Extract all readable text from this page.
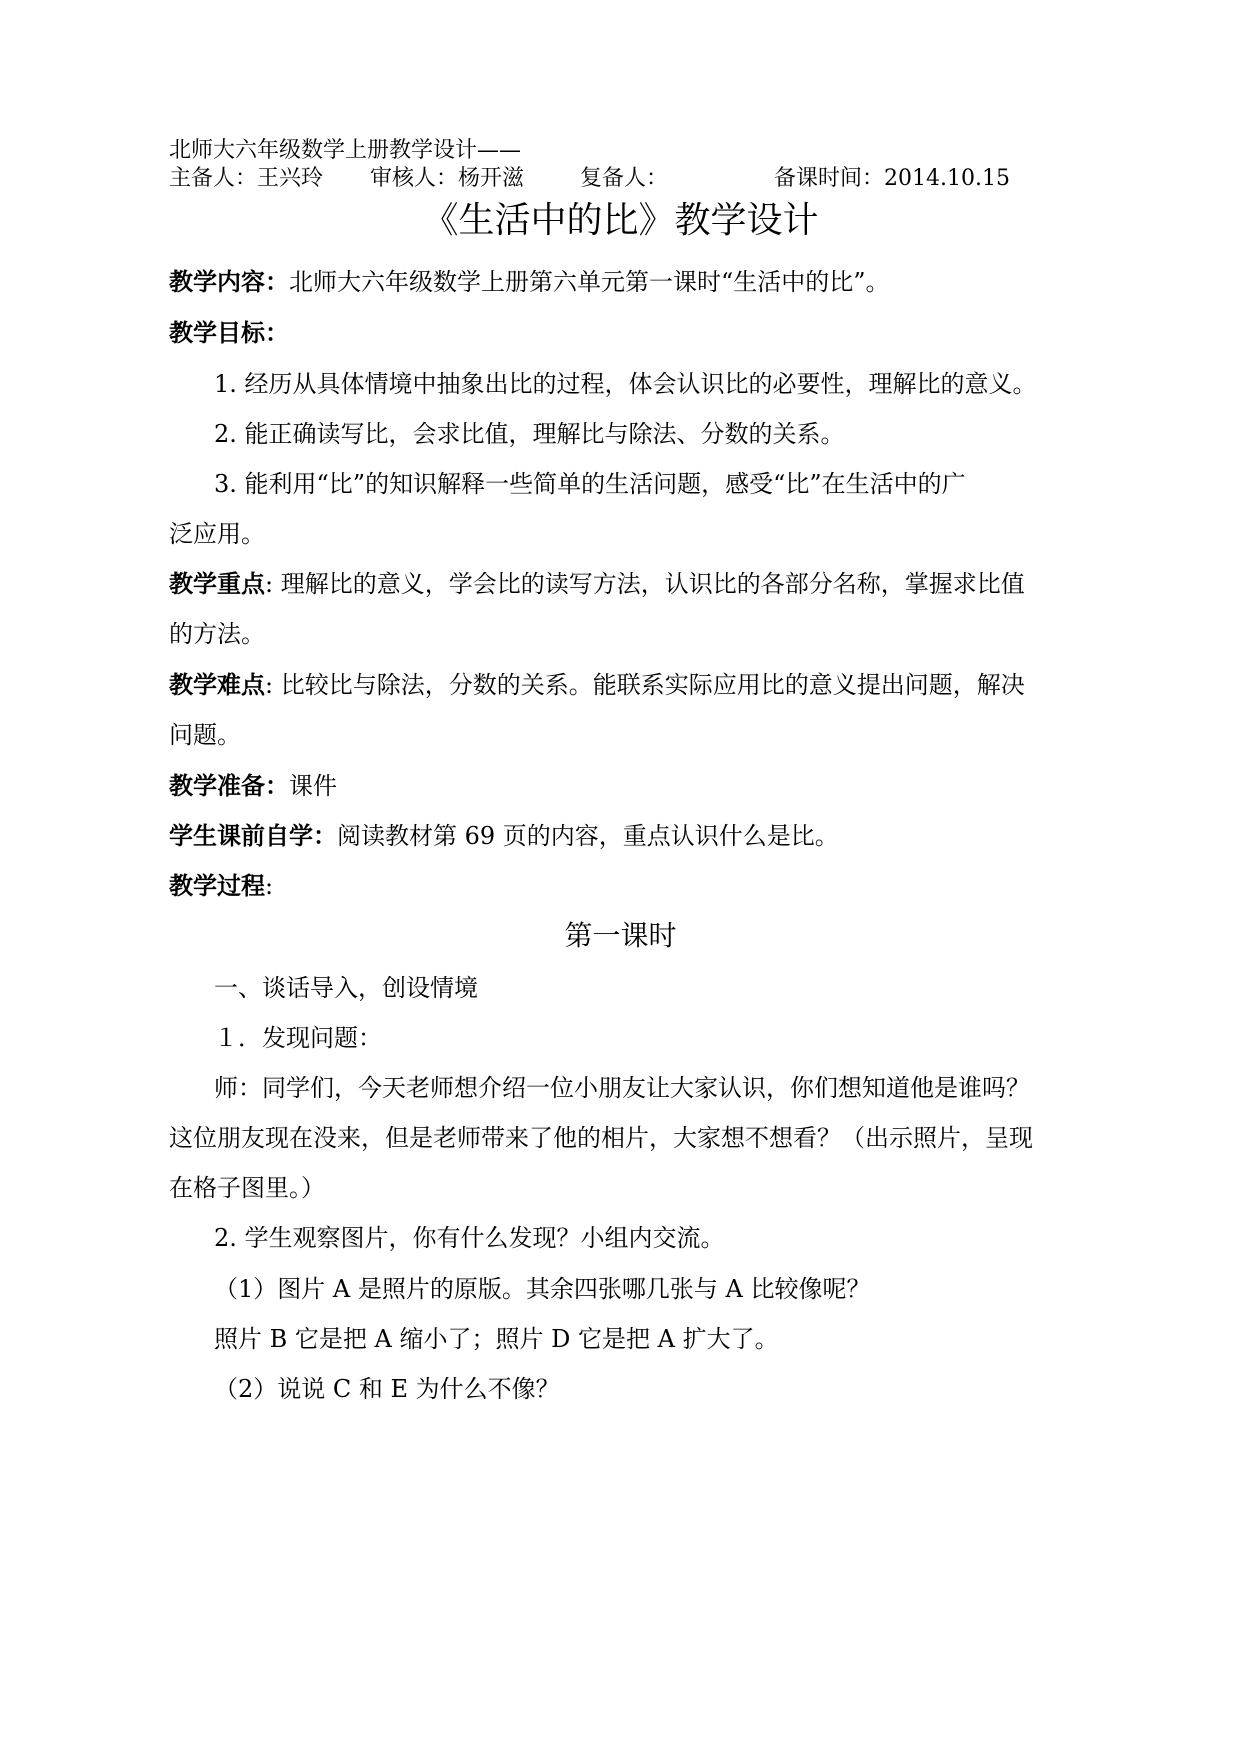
北师大六年级数学上册教学设计——
主备人：王兴玲 审核人：杨开滋	复备人：	备课时间：2014.10.15
《生活中的比》教学设计
教学内容：北师大六年级数学上册第六单元第一课时“生活中的比”。
教学目标：
1. 经历从具体情境中抽象出比的过程，体会认识比的必要性，理解比的意义。
2. 能正确读写比，会求比值，理解比与除法、分数的关系。
3. 能利用“比”的知识解释一些简单的生活问题，感受“比”在生活中的广
泛应用。
教学重点: 理解比的意义，学会比的读写方法，认识比的各部分名称，掌握求比值
的方法。
教学难点: 比较比与除法，分数的关系。能联系实际应用比的意义提出问题，解决
问题。
教学准备：课件
学生课前自学：阅读教材第 69 页的内容，重点认识什么是比。
教学过程:
第一课时
一、谈话导入，创设情境
１．发现问题：
师：同学们，今天老师想介绍一位小朋友让大家认识，你们想知道他是谁吗？
这位朋友现在没来，但是老师带来了他的相片，大家想不想看？（出示照片，呈现
在格子图里。）
2. 学生观察图片，你有什么发现？小组内交流。
（1）图片 A 是照片的原版。其余四张哪几张与 A 比较像呢？
照片 B 它是把 A 缩小了；照片 D 它是把 A 扩大了。
（2）说说 C 和 E 为什么不像？
